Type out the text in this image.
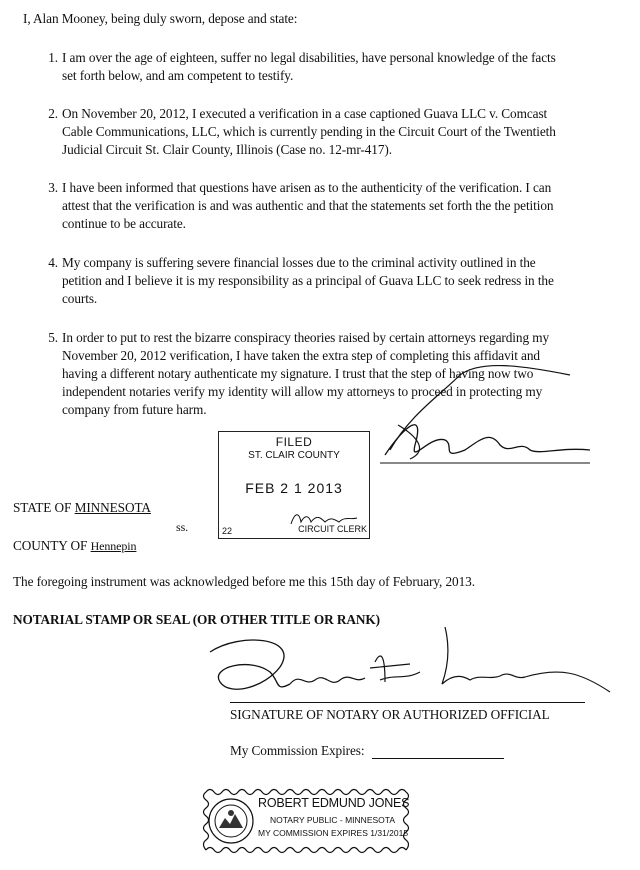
I, Alan Mooney, being duly sworn, depose and state:
1. I am over the age of eighteen, suffer no legal disabilities, have personal knowledge of the facts
set forth below, and am competent to testify.
2. On November 20, 2012, I executed a verification in a case captioned Guava LLC v. Comcast
Cable Communications, LLC, which is currently pending in the Circuit Court of the Twentieth
Judicial Circuit St. Clair County, Illinois (Case no. 12-mr-417).
3. I have been informed that questions have arisen as to the authenticity of the verification. I can
attest that the verification is and was authentic and that the statements set forth the the petition
continue to be accurate.
4. My company is suffering severe financial losses due to the criminal activity outlined in the
petition and I believe it is my responsibility as a principal of Guava LLC to seek redress in the
courts.
5. In order to put to rest the bizarre conspiracy theories raised by certain attorneys regarding my
November 20, 2012 verification, I have taken the extra step of completing this affidavit and
having a different notary authenticate my signature. I trust that the step of having now two
independent notaries verify my identity will allow my attorneys to proceed in protecting my
company from future harm.
FILED
ST. CLAIR COUNTY
FEB 2 1 2013
CIRCUIT CLERK
22
STATE OF MINNESOTA
ss.
COUNTY OF Hennepin
The foregoing instrument was acknowledged before me this 15th day of February, 2013.
NOTARIAL STAMP OR SEAL (OR OTHER TITLE OR RANK)
SIGNATURE OF NOTARY OR AUTHORIZED OFFICIAL
My Commission Expires:
ROBERT EDMUND JONES
NOTARY PUBLIC - MINNESOTA
MY COMMISSION EXPIRES 1/31/2015
